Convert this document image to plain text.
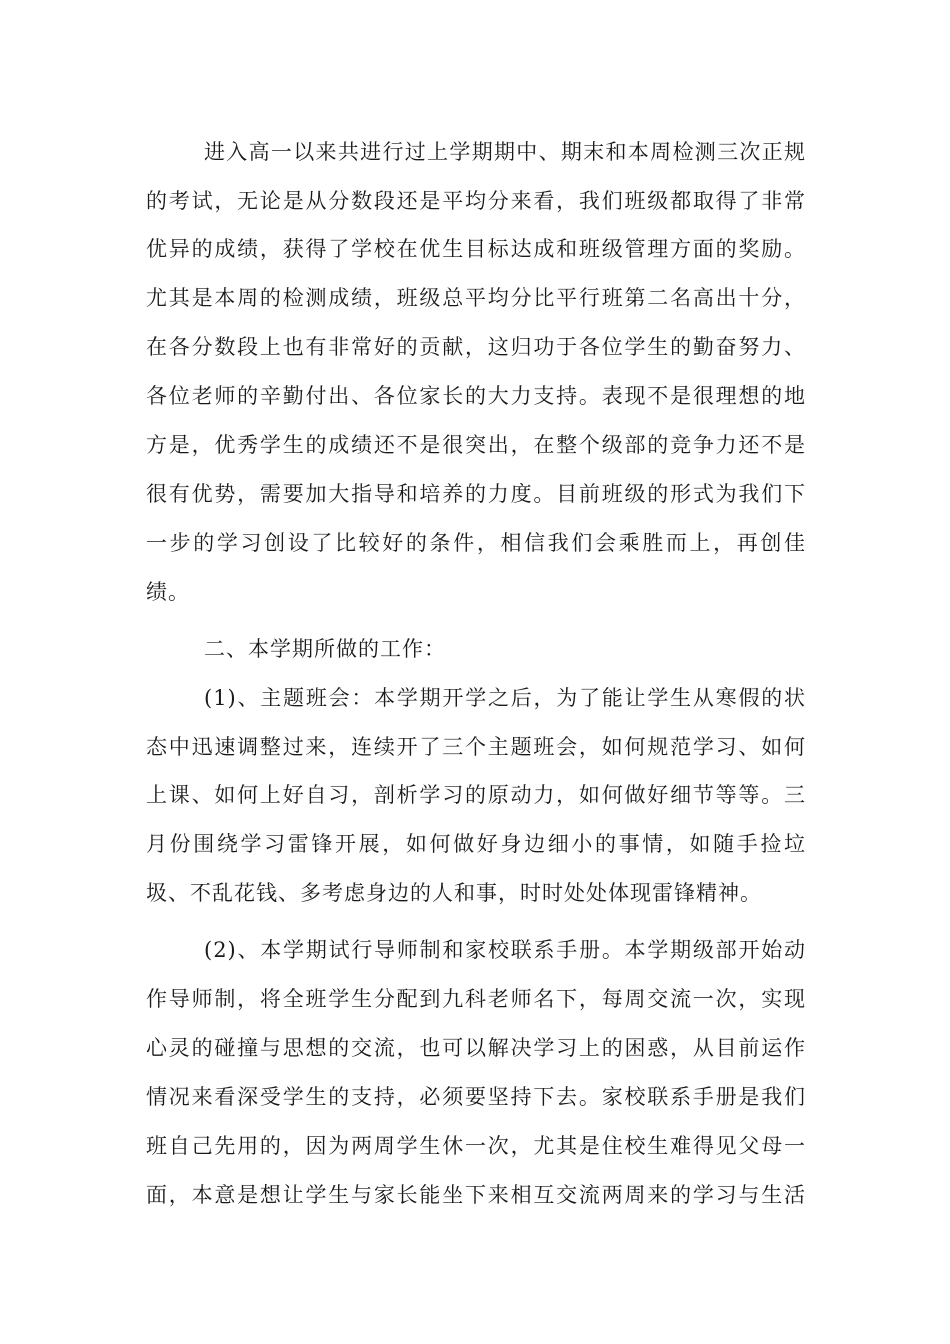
进入高一以来共进行过上学期期中、期末和本周检测三次正规
的考试，无论是从分数段还是平均分来看，我们班级都取得了非常
优异的成绩，获得了学校在优生目标达成和班级管理方面的奖励。
尤其是本周的检测成绩，班级总平均分比平行班第二名高出十分，
在各分数段上也有非常好的贡献，这归功于各位学生的勤奋努力、
各位老师的辛勤付出、各位家长的大力支持。表现不是很理想的地
方是，优秀学生的成绩还不是很突出，在整个级部的竞争力还不是
很有优势，需要加大指导和培养的力度。目前班级的形式为我们下
一步的学习创设了比较好的条件，相信我们会乘胜而上，再创佳
绩。
二、本学期所做的工作：
(1)、主题班会：本学期开学之后，为了能让学生从寒假的状
态中迅速调整过来，连续开了三个主题班会，如何规范学习、如何
上课、如何上好自习，剖析学习的原动力，如何做好细节等等。三
月份围绕学习雷锋开展，如何做好身边细小的事情，如随手捡垃
圾、不乱花钱、多考虑身边的人和事，时时处处体现雷锋精神。
(2)、本学期试行导师制和家校联系手册。本学期级部开始动
作导师制，将全班学生分配到九科老师名下，每周交流一次，实现
心灵的碰撞与思想的交流，也可以解决学习上的困惑，从目前运作
情况来看深受学生的支持，必须要坚持下去。家校联系手册是我们
班自己先用的，因为两周学生休一次，尤其是住校生难得见父母一
面，本意是想让学生与家长能坐下来相互交流两周来的学习与生活
